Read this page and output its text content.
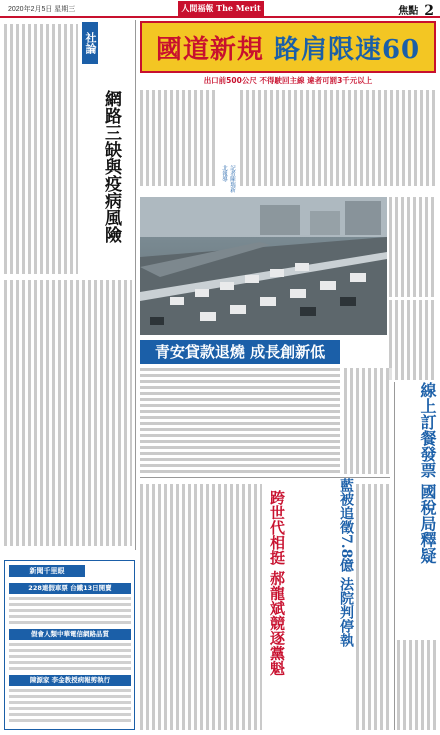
2020年2月5日 星期三	人間福報 The Merit	焦點 2
社論
網路三缺與疫病風險
新聞千里眼
228連假車票 台鐵13日開賣
假會人類中華電信網路品質
陳源家 李金教授病報剪執行
國道新規 路肩限速60
出口前500公尺 不得駛回主線 違者可罰3千元以上
記者陳瑞新北報導
青安貸款退燒 成長創新低
跨世代相挺 郝龍斌競逐黨魁	藍被追徵7.8億 法院判停執	線上訂餐發票 國稅局釋疑
